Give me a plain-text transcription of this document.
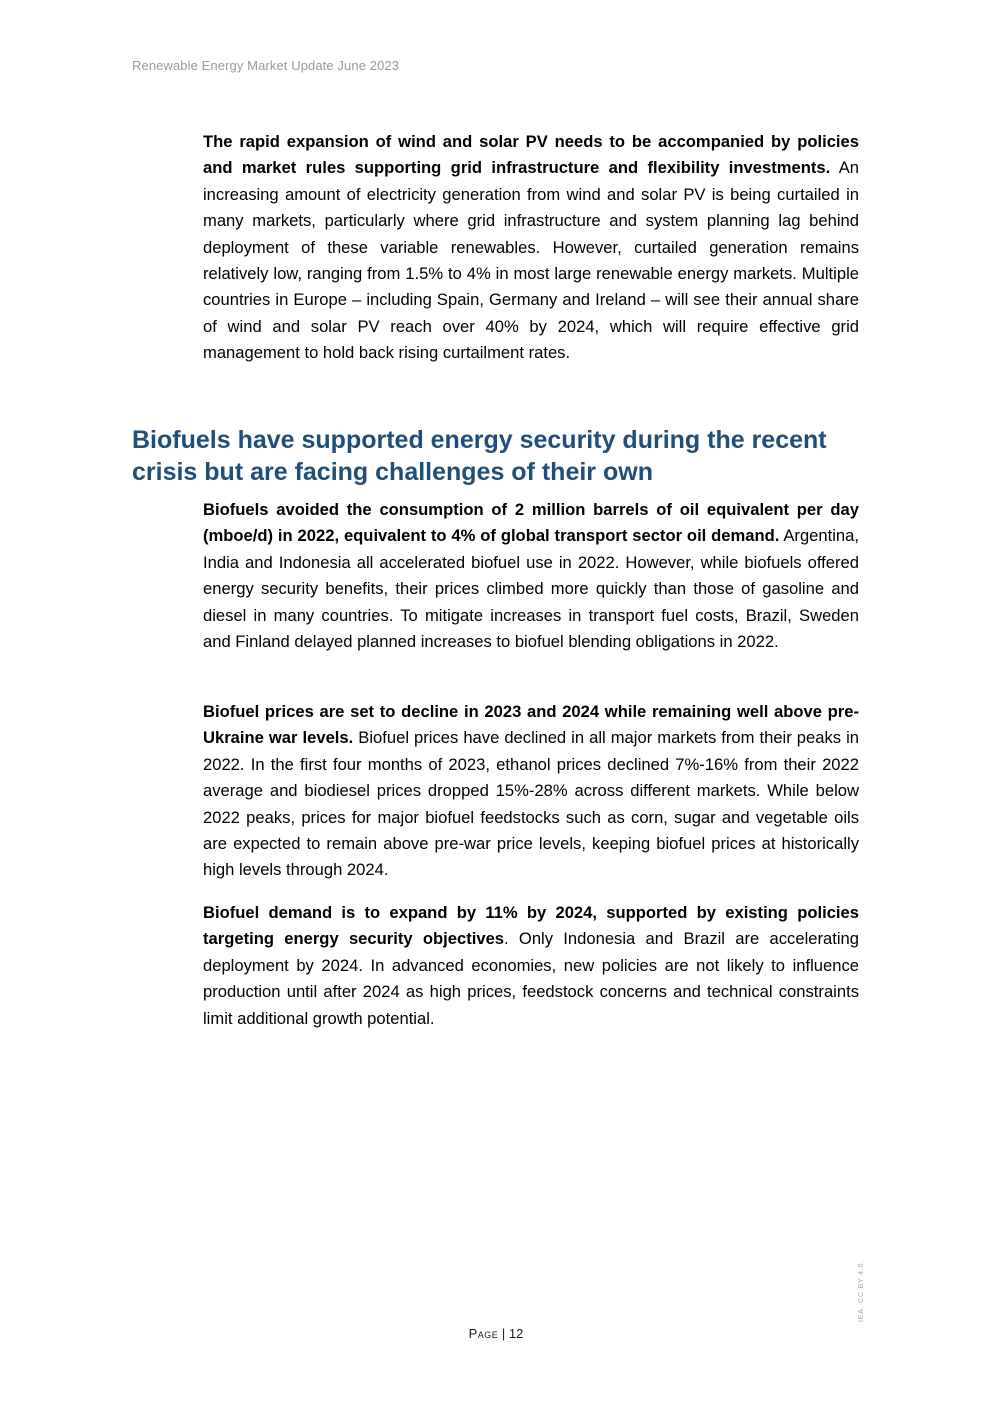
Renewable Energy Market Update June 2023

The rapid expansion of wind and solar PV needs to be accompanied by policies and market rules supporting grid infrastructure and flexibility investments. An increasing amount of electricity generation from wind and solar PV is being curtailed in many markets, particularly where grid infrastructure and system planning lag behind deployment of these variable renewables. However, curtailed generation remains relatively low, ranging from 1.5% to 4% in most large renewable energy markets. Multiple countries in Europe – including Spain, Germany and Ireland – will see their annual share of wind and solar PV reach over 40% by 2024, which will require effective grid management to hold back rising curtailment rates.

Biofuels have supported energy security during the recent crisis but are facing challenges of their own

Biofuels avoided the consumption of 2 million barrels of oil equivalent per day (mboe/d) in 2022, equivalent to 4% of global transport sector oil demand. Argentina, India and Indonesia all accelerated biofuel use in 2022. However, while biofuels offered energy security benefits, their prices climbed more quickly than those of gasoline and diesel in many countries. To mitigate increases in transport fuel costs, Brazil, Sweden and Finland delayed planned increases to biofuel blending obligations in 2022.

Biofuel prices are set to decline in 2023 and 2024 while remaining well above pre-Ukraine war levels. Biofuel prices have declined in all major markets from their peaks in 2022. In the first four months of 2023, ethanol prices declined 7%-16% from their 2022 average and biodiesel prices dropped 15%-28% across different markets. While below 2022 peaks, prices for major biofuel feedstocks such as corn, sugar and vegetable oils are expected to remain above pre-war price levels, keeping biofuel prices at historically high levels through 2024.

Biofuel demand is to expand by 11% by 2024, supported by existing policies targeting energy security objectives. Only Indonesia and Brazil are accelerating deployment by 2024. In advanced economies, new policies are not likely to influence production until after 2024 as high prices, feedstock concerns and technical constraints limit additional growth potential.

Page | 12
IEA. CC BY 4.0.
